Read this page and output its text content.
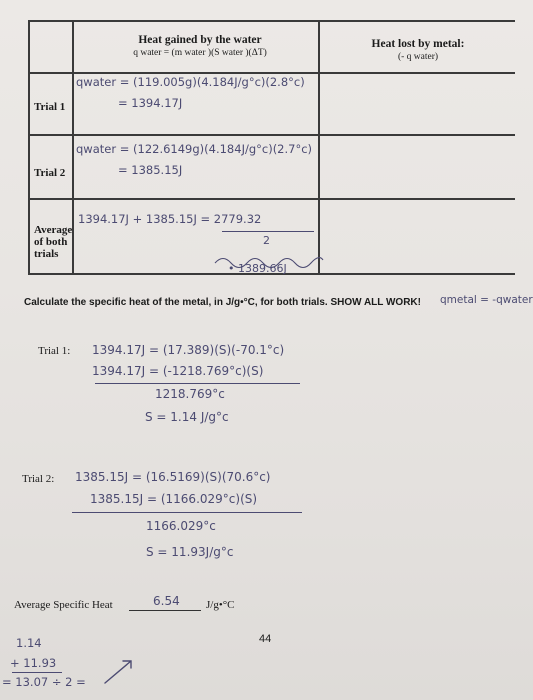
Heat gained by the water
q water = (m water )(S water )(ΔT)
Heat lost by metal:
(- q water)
Trial 1
qwater = (119.005g)(4.184J/g°c)(2.8°c)
= 1394.17J
Trial 2
qwater = (122.6149g)(4.184J/g°c)(2.7°c)
= 1385.15J
Average of both trials
1394.17J + 1385.15J = 2779.32
2
• 1389.66J
Calculate the specific heat of the metal, in J/g•°C, for both trials. SHOW ALL WORK!	qmetal = -qwater
Trial 1: 1394.17J = (17.389)(S)(-70.1°c)
1394.17J = (-1218.769°c)(S)
1218.769°c
S = 1.14 J/g°c
Trial 2: 1385.15J = (16.5169)(S)(70.6°c)
1385.15J = (1166.029°c)(S)
1166.029°c
S = 11.93J/g°c
Average Specific Heat	6.54 J/g•°C
44
1.14
+ 11.93
= 13.07 ÷ 2 =
